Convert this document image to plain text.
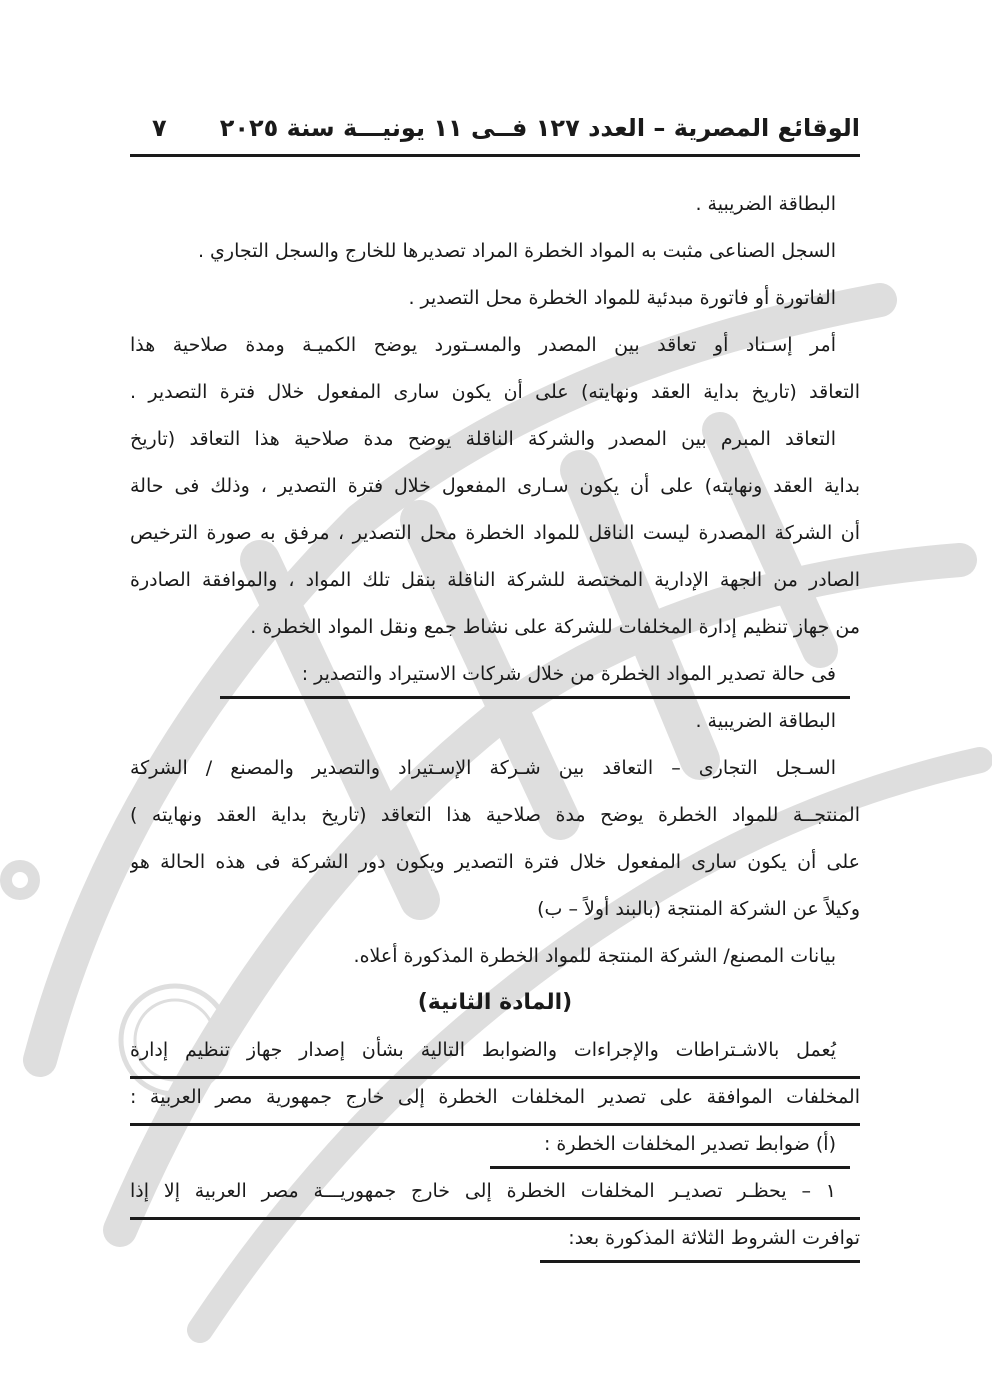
الوقائع المصرية – العدد ١٢٧ فــى ١١ يونيـــة سنة ٢٠٢٥
٧
البطاقة الضريبية .
السجل الصناعى مثبت به المواد الخطرة المراد تصديرها للخارج والسجل التجاري .
الفاتورة أو فاتورة مبدئية للمواد الخطرة محل التصدير .
أمر إسـناد أو تعاقد بين المصدر والمسـتورد يوضح الكميـة ومدة صلاحية هذا
التعاقد (تاريخ بداية العقد ونهايته) على أن يكون سارى المفعول خلال فترة التصدير .
التعاقد المبرم بين المصدر والشركة الناقلة يوضح مدة صلاحية هذا التعاقد (تاريخ
بداية العقد ونهايته) على أن يكون سـارى المفعول خلال فترة التصدير ، وذلك فى حالة
أن الشركة المصدرة ليست الناقل للمواد الخطرة محل التصدير ، مرفق به صورة الترخيص
الصادر من الجهة الإدارية المختصة للشركة الناقلة بنقل تلك المواد ، والموافقة الصادرة
من جهاز تنظيم إدارة المخلفات للشركة على نشاط جمع ونقل المواد الخطرة .
فى حالة تصدير المواد الخطرة من خلال شركات الاستيراد والتصدير :
البطاقة الضريبية .
السـجل التجارى – التعاقد بين شـركة الإسـتيراد والتصدير والمصنع / الشركة
المنتجــة للمواد الخطرة يوضح مدة صلاحية هذا التعاقد (تاريخ بداية العقد ونهايته )
على أن يكون سارى المفعول خلال فترة التصدير ويكون دور الشركة فى هذه الحالة هو
وكيلاً عن الشركة المنتجة (بالبند أولاً – ب)
بيانات المصنع/ الشركة المنتجة للمواد الخطرة المذكورة أعلاه.
(المادة الثانية)
يُعمل بالاشـتراطات والإجراءات والضوابط التالية بشأن إصدار جهاز تنظيم إدارة
المخلفات الموافقة على تصدير المخلفات الخطرة إلى خارج جمهورية مصر العربية :
(أ) ضوابط تصدير المخلفات الخطرة :
١ – يحظـر تصديـر المخلفات الخطرة إلى خارج جمهوريـــة مصر العربية إلا إذا
توافرت الشروط الثلاثة المذكورة بعد:
